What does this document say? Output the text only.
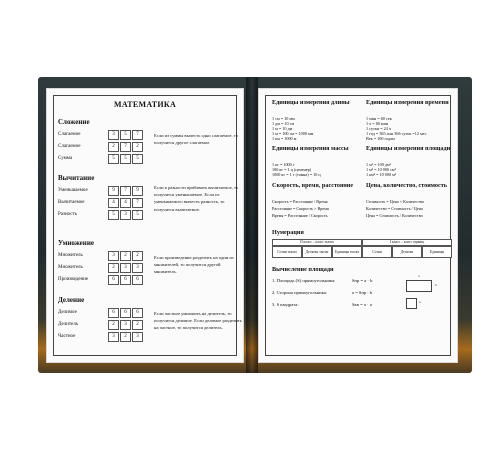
МАТЕМАТИКА
Сложение
Слагаемое	3	5	7
Слагаемое	2	7	2
Сумма	5	5	5
Если из суммы вычесть одно слагаемое, то получится другое слагаемое.
Вычитание
Уменьшаемое	9	7	9
Вычитаемое	4	4	7
Разность	5	3	5
Если к разности прибавить вычитаемое, то получится уменьшаемое. Если из уменьшаемого вычесть разность, то получится вычитаемое.
Умножение
Множитель	3	2	2
Множитель	2	3	3
Произведение	6	6	6
Если произведение разделить на один из множителей, то получится другой множитель.
Деление
Делимое	6	6	6
Делитель	2	3	2
Частное	3	2	3
Если частное умножить на делитель, то получится делимое. Если делимое разделить на частное, то получится делитель.
Единицы измерения длины
1 см = 10 мм
1 дм = 10 см
1 м = 10 дм
1 м = 100 см = 1000 мм
1 км = 1000 м
Единицы измерения времени
1 мин = 60 сек
1 ч = 60 мин
1 сутки = 24 ч
1 год = 365 или 366 суток =12 мес
Век = 100 годам
Единицы измерения массы
1 кг = 1000 г
100 кг = 1 ц (центнер)
1000 кг = 1 т (тонна) = 10 ц
Единицы измерения площади
1 м² = 100 дм²
1 м² = 10 000 см²
1 км² = 10 000 м²
Скорость, время, расстояние
Скорость = Расстояние / Время
Расстояние = Скорость × Время
Время = Расстояние / Скорость
Цена, количество, стоимость
Стоимость = Цена × Количество
Количество = Стоимость / Цена
Цена = Стоимость / Количество
Нумерация
II класс – класс тысяч	I класс – класс единиц
Сотни тысяч	Десятки тысяч	Единицы тысяч	Сотни	Десятки	Единицы
Вычисление площади
1. Площадь (S) прямоугольника:	Sпр = a · b
2. Сторона прямоугольника:	a = Sпр : b
3. S квадрата:	Sкв = a · a
a
b
a
